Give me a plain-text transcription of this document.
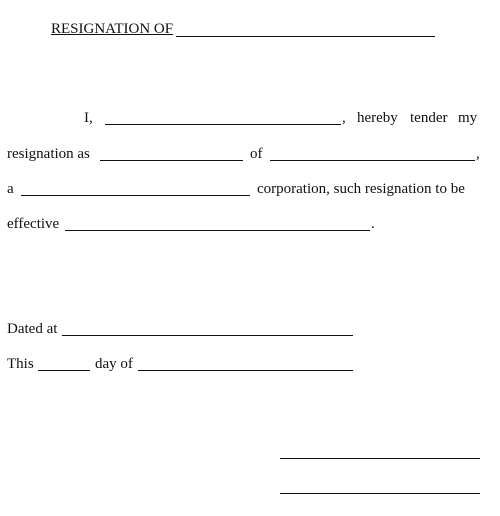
RESIGNATION OF
I,	, hereby tender my
resignation as	of	,
a	corporation, such resignation to be
effective	.
Dated at
This	day of
